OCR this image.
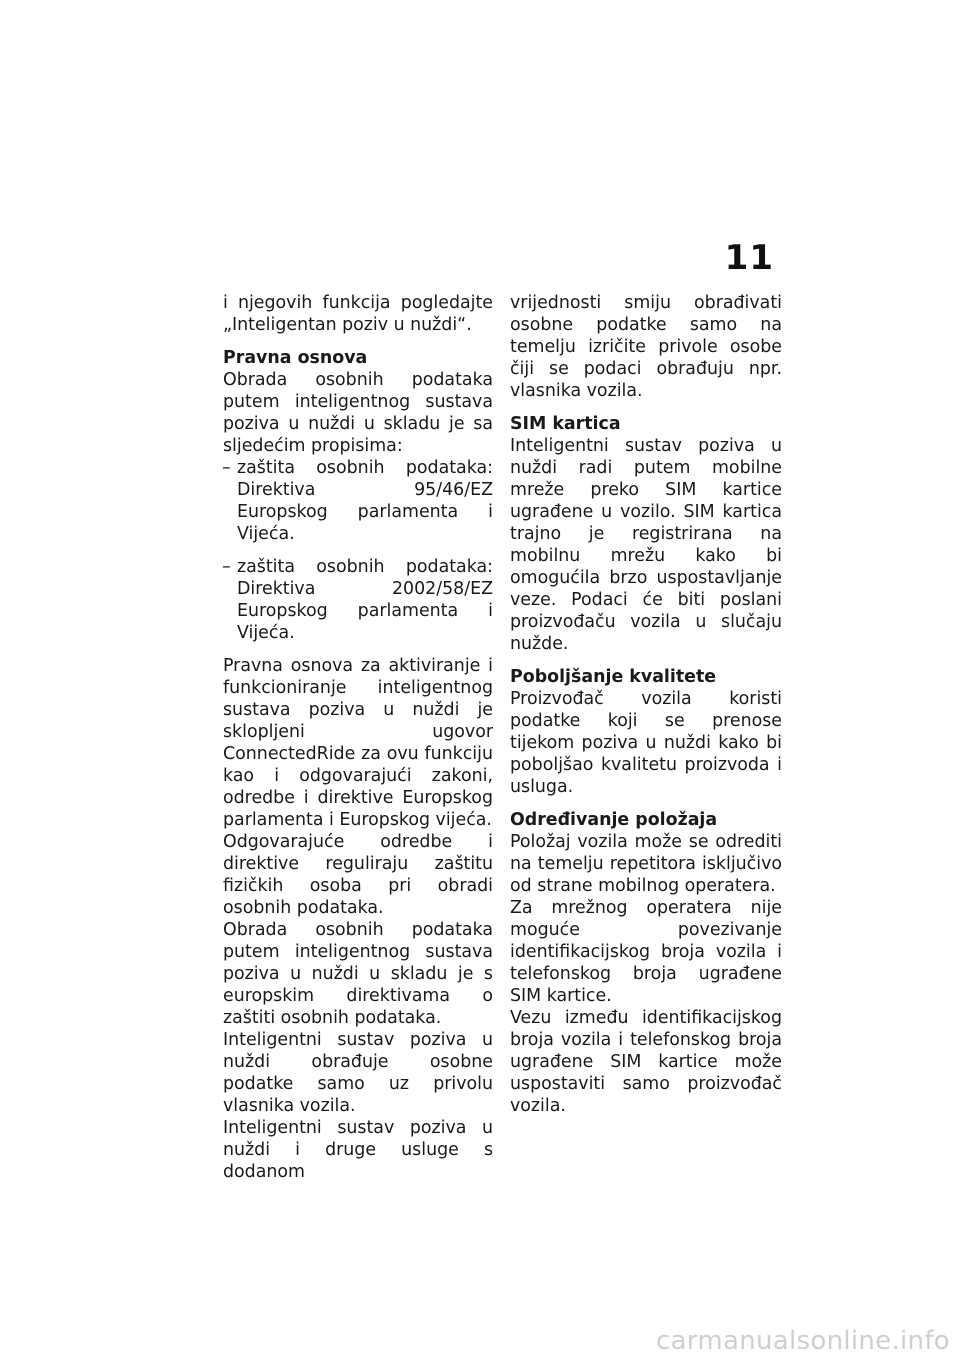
11

i njegovih funkcija pogledajte „Inteligentan poziv u nuždi“.

Pravna osnova

Obrada osobnih podataka putem inteligentnog sustava poziva u nuždi u skladu je sa sljedećim propisima:

– zaštita osobnih podataka: Direktiva 95/46/EZ Europskog parlamenta i Vijeća.
– zaštita osobnih podataka: Direktiva 2002/58/EZ Europskog parlamenta i Vijeća.

Pravna osnova za aktiviranje i funkcioniranje inteligentnog sustava poziva u nuždi je sklopljeni ugovor ConnectedRide za ovu funkciju kao i odgovarajući zakoni, odredbe i direktive Europskog parlamenta i Europskog vijeća.

Odgovarajuće odredbe i direktive reguliraju zaštitu fizičkih osoba pri obradi osobnih podataka.

Obrada osobnih podataka putem inteligentnog sustava poziva u nuždi u skladu je s europskim direktivama o zaštiti osobnih podataka.

Inteligentni sustav poziva u nuždi obrađuje osobne podatke samo uz privolu vlasnika vozila.

Inteligentni sustav poziva u nuždi i druge usluge s dodanom

vrijednosti smiju obrađivati osobne podatke samo na temelju izričite privole osobe čiji se podaci obrađuju npr. vlasnika vozila.

SIM kartica

Inteligentni sustav poziva u nuždi radi putem mobilne mreže preko SIM kartice ugrađene u vozilo. SIM kartica trajno je registrirana na mobilnu mrežu kako bi omogućila brzo uspostavljanje veze. Podaci će biti poslani proizvođaču vozila u slučaju nužde.

Poboljšanje kvalitete

Proizvođač vozila koristi podatke koji se prenose tijekom poziva u nuždi kako bi poboljšao kvalitetu proizvoda i usluga.

Određivanje položaja

Položaj vozila može se odrediti na temelju repetitora isključivo od strane mobilnog operatera.

Za mrežnog operatera nije moguće povezivanje identifikacijskog broja vozila i telefonskog broja ugrađene SIM kartice.

Vezu između identifikacijskog broja vozila i telefonskog broja ugrađene SIM kartice može uspostaviti samo proizvođač vozila.

carmanualsonline.info
